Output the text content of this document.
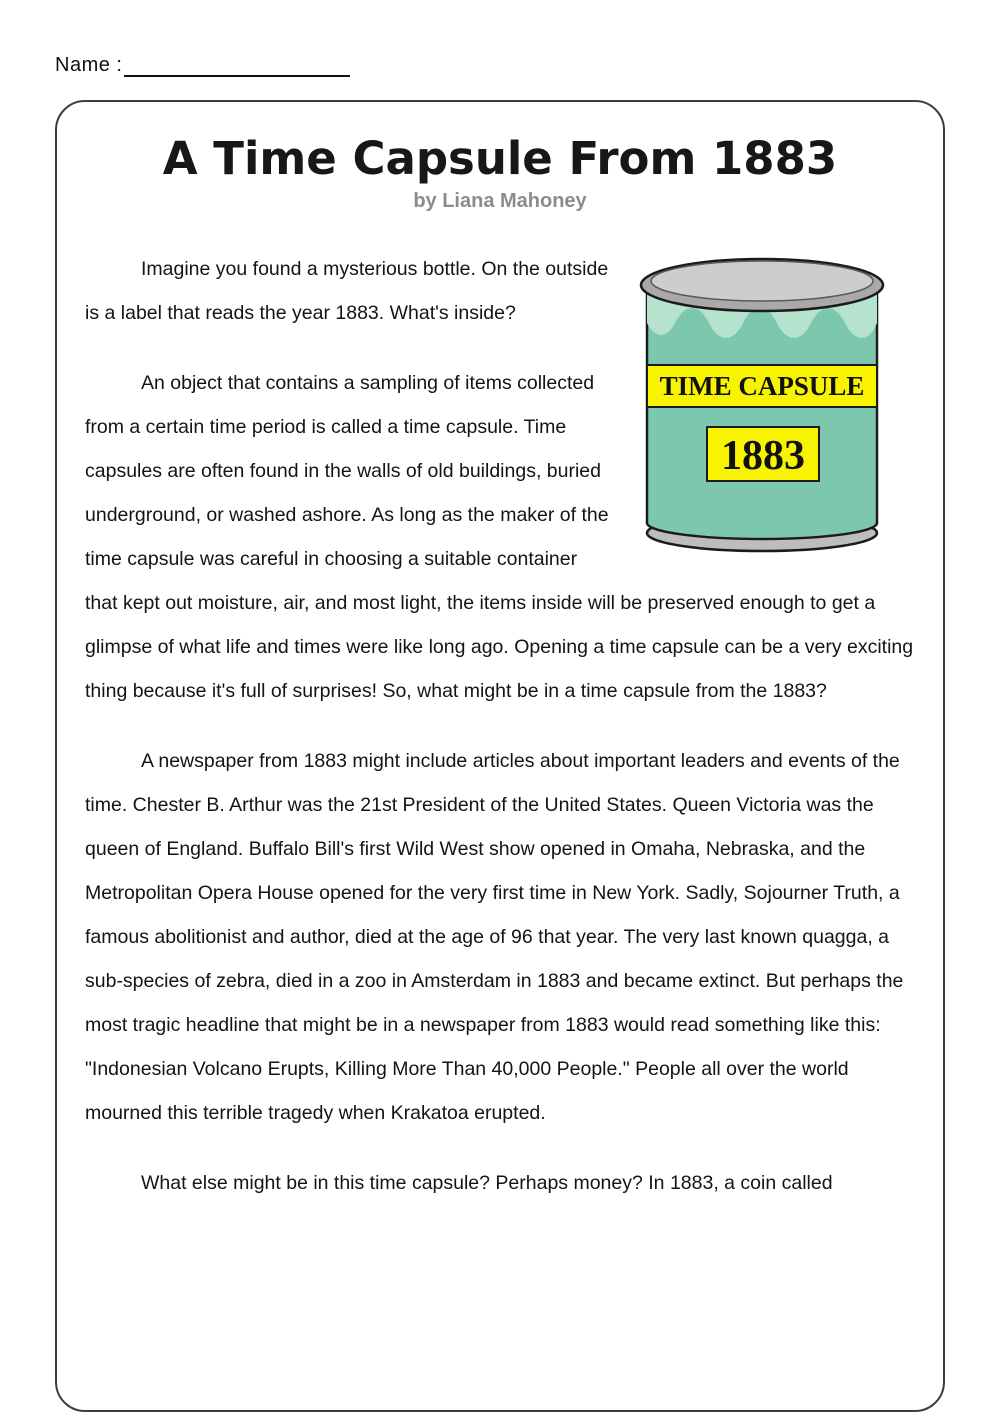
Name :
A Time Capsule From 1883
by Liana Mahoney
TIME CAPSULE
1883

Imagine you found a mysterious bottle. On the outside is a label that reads the year 1883. What's inside?

An object that contains a sampling of items collected from a certain time period is called a time capsule. Time capsules are often found in the walls of old buildings, buried underground, or washed ashore. As long as the maker of the time capsule was careful in choosing a suitable container that kept out moisture, air, and most light, the items inside will be preserved enough to get a glimpse of what life and times were like long ago. Opening a time capsule can be a very exciting thing because it's full of surprises! So, what might be in a time capsule from the 1883?

A newspaper from 1883 might include articles about important leaders and events of the time. Chester B. Arthur was the 21st President of the United States. Queen Victoria was the queen of England. Buffalo Bill's first Wild West show opened in Omaha, Nebraska, and the Metropolitan Opera House opened for the very first time in New York. Sadly, Sojourner Truth, a famous abolitionist and author, died at the age of 96 that year. The very last known quagga, a sub-species of zebra, died in a zoo in Amsterdam in 1883 and became extinct. But perhaps the most tragic headline that might be in a newspaper from 1883 would read something like this: "Indonesian Volcano Erupts, Killing More Than 40,000 People." People all over the world mourned this terrible tragedy when Krakatoa erupted.

What else might be in this time capsule? Perhaps money? In 1883, a coin called
